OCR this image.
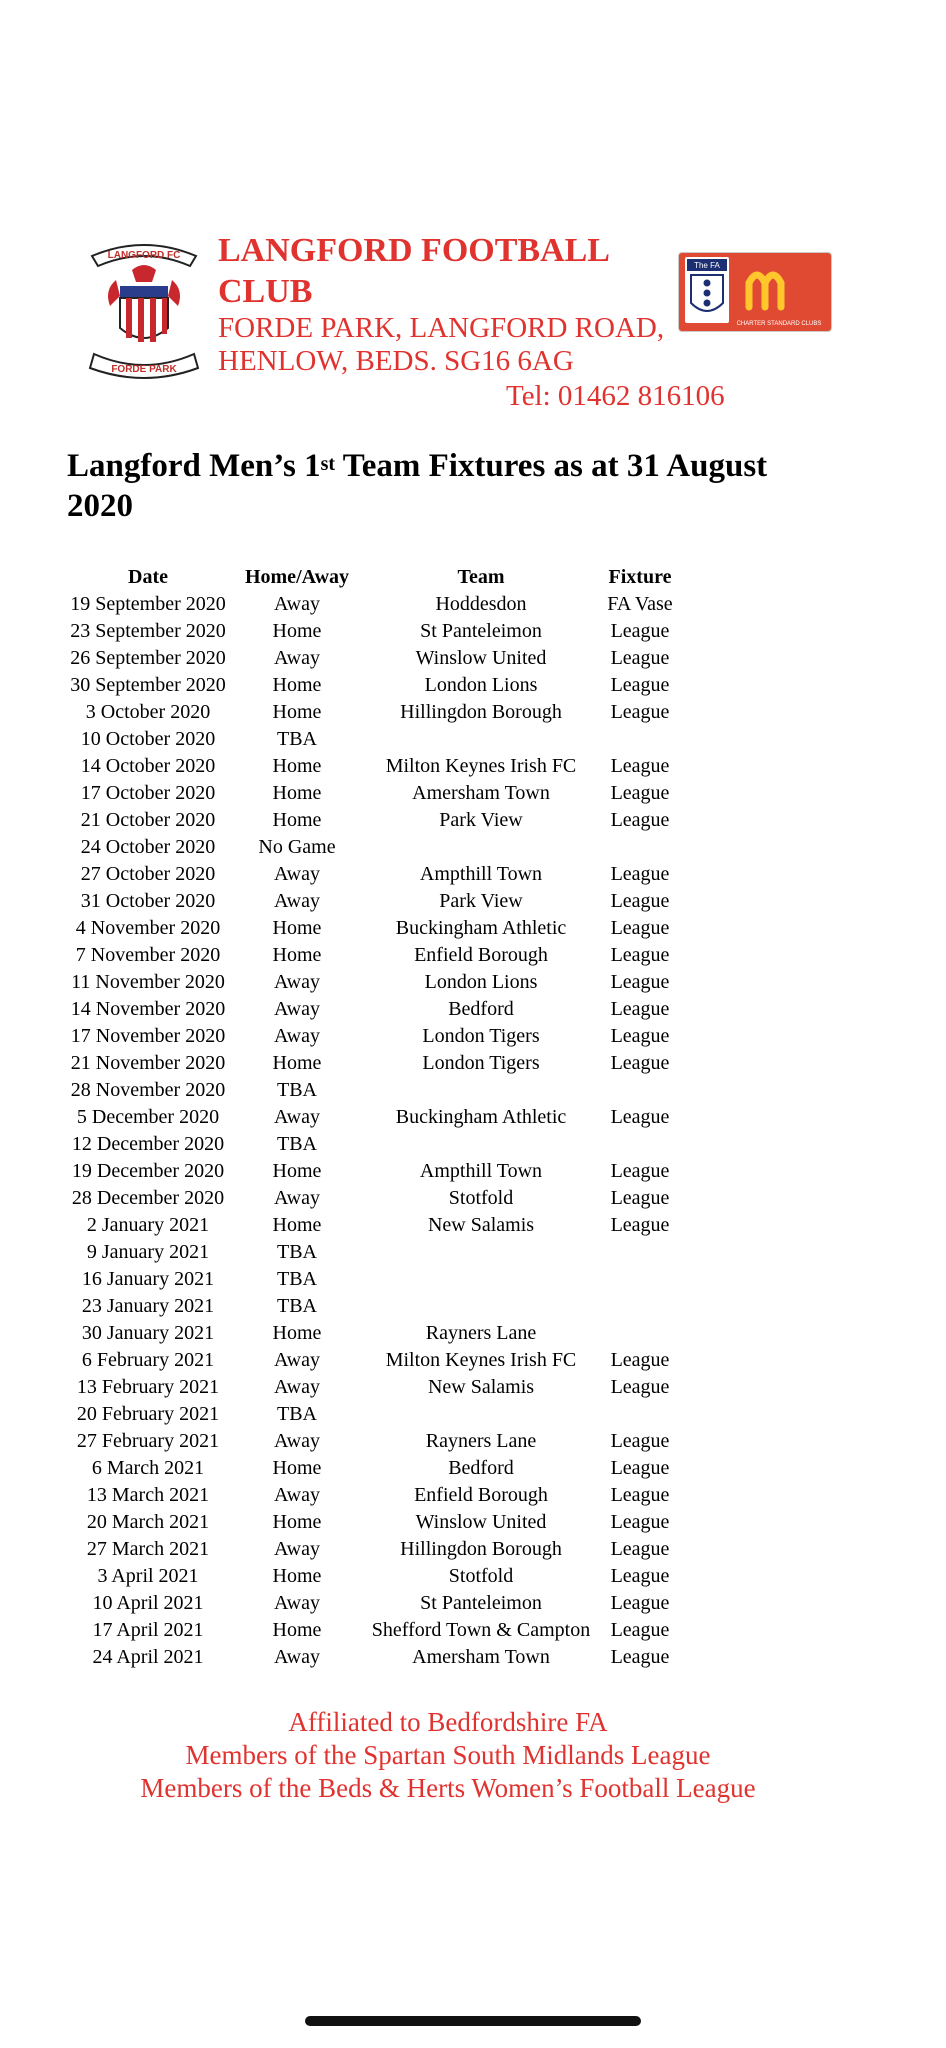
LANGFORD FC
FORDE PARK
LANGFORD FOOTBALL CLUB
FORDE PARK, LANGFORD ROAD,
HENLOW, BEDS. SG16 6AG
Tel: 01462 816106
The FA
CHARTER STANDARD CLUBS
Langford Men’s 1st Team Fixtures as at 31 August 2020
Date	Home/Away	Team	Fixture
19 September 2020	Away	Hoddesdon	FA Vase
23 September 2020	Home	St Panteleimon	League
26 September 2020	Away	Winslow United	League
30 September 2020	Home	London Lions	League
3 October 2020	Home	Hillingdon Borough	League
10 October 2020	TBA		
14 October 2020	Home	Milton Keynes Irish FC	League
17 October 2020	Home	Amersham Town	League
21 October 2020	Home	Park View	League
24 October 2020	No Game		
27 October 2020	Away	Ampthill Town	League
31 October 2020	Away	Park View	League
4 November 2020	Home	Buckingham Athletic	League
7 November 2020	Home	Enfield Borough	League
11 November 2020	Away	London Lions	League
14 November 2020	Away	Bedford	League
17 November 2020	Away	London Tigers	League
21 November 2020	Home	London Tigers	League
28 November 2020	TBA		
5 December 2020	Away	Buckingham Athletic	League
12 December 2020	TBA		
19 December 2020	Home	Ampthill Town	League
28 December 2020	Away	Stotfold	League
2 January 2021	Home	New Salamis	League
9 January 2021	TBA		
16 January 2021	TBA		
23 January 2021	TBA		
30 January 2021	Home	Rayners Lane	
6 February 2021	Away	Milton Keynes Irish FC	League
13 February 2021	Away	New Salamis	League
20 February 2021	TBA		
27 February 2021	Away	Rayners Lane	League
6 March 2021	Home	Bedford	League
13 March 2021	Away	Enfield Borough	League
20 March 2021	Home	Winslow United	League
27 March 2021	Away	Hillingdon Borough	League
3 April 2021	Home	Stotfold	League
10 April 2021	Away	St Panteleimon	League
17 April 2021	Home	Shefford Town & Campton	League
24 April 2021	Away	Amersham Town	League
Affiliated to Bedfordshire FA
Members of the Spartan South Midlands League
Members of the Beds & Herts Women’s Football League
